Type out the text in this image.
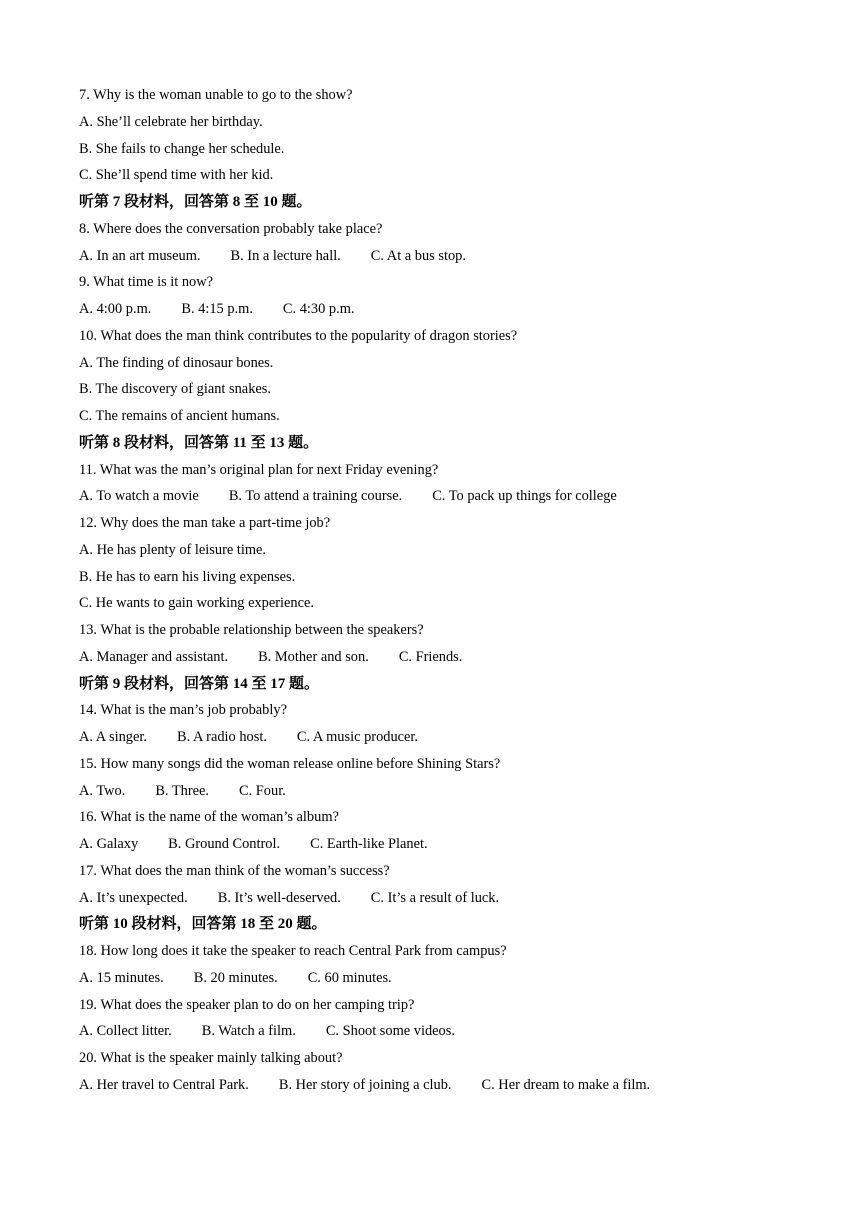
7. Why is the woman unable to go to the show?
A. She’ll celebrate her birthday.
B. She fails to change her schedule.
C. She’ll spend time with her kid.
听第 7 段材料，回答第 8 至 10 题。
8. Where does the conversation probably take place?
A. In an art museum. B. In a lecture hall. C. At a bus stop.
9. What time is it now?
A. 4:00 p.m. B. 4:15 p.m. C. 4:30 p.m.
10. What does the man think contributes to the popularity of dragon stories?
A. The finding of dinosaur bones.
B. The discovery of giant snakes.
C. The remains of ancient humans.
听第 8 段材料，回答第 11 至 13 题。
11. What was the man’s original plan for next Friday evening?
A. To watch a movie B. To attend a training course. C. To pack up things for college
12. Why does the man take a part-time job?
A. He has plenty of leisure time.
B. He has to earn his living expenses.
C. He wants to gain working experience.
13. What is the probable relationship between the speakers?
A. Manager and assistant. B. Mother and son. C. Friends.
听第 9 段材料，回答第 14 至 17 题。
14. What is the man’s job probably?
A. A singer. B. A radio host. C. A music producer.
15. How many songs did the woman release online before Shining Stars?
A. Two. B. Three. C. Four.
16. What is the name of the woman’s album?
A. Galaxy B. Ground Control. C. Earth-like Planet.
17. What does the man think of the woman’s success?
A. It’s unexpected. B. It’s well-deserved. C. It’s a result of luck.
听第 10 段材料，回答第 18 至 20 题。
18. How long does it take the speaker to reach Central Park from campus?
A. 15 minutes. B. 20 minutes. C. 60 minutes.
19. What does the speaker plan to do on her camping trip?
A. Collect litter. B. Watch a film. C. Shoot some videos.
20. What is the speaker mainly talking about?
A. Her travel to Central Park. B. Her story of joining a club. C. Her dream to make a film.
